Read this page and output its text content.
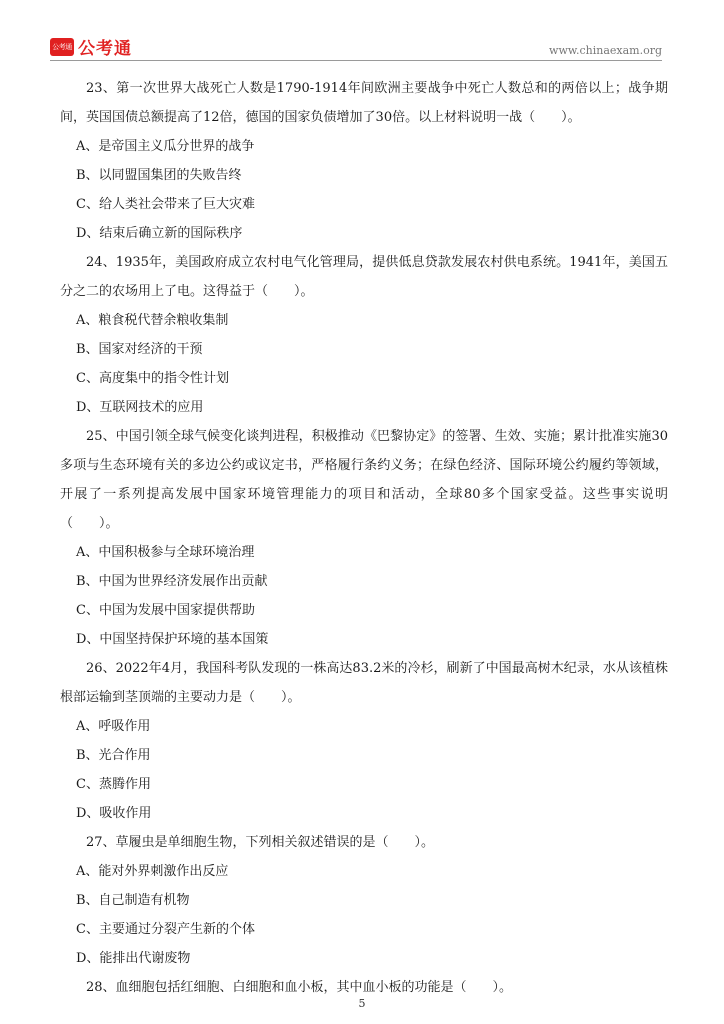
公考通 公考通	www.chinaexam.org

23、第一次世界大战死亡人数是1790-1914年间欧洲主要战争中死亡人数总和的两倍以上；战争期间，英国国债总额提高了12倍，德国的国家负债增加了30倍。以上材料说明一战（　　）。

A、是帝国主义瓜分世界的战争

B、以同盟国集团的失败告终

C、给人类社会带来了巨大灾难

D、结束后确立新的国际秩序

24、1935年，美国政府成立农村电气化管理局，提供低息贷款发展农村供电系统。1941年，美国五分之二的农场用上了电。这得益于（　　）。

A、粮食税代替余粮收集制

B、国家对经济的干预

C、高度集中的指令性计划

D、互联网技术的应用

25、中国引领全球气候变化谈判进程，积极推动《巴黎协定》的签署、生效、实施；累计批准实施30多项与生态环境有关的多边公约或议定书，严格履行条约义务；在绿色经济、国际环境公约履约等领域，开展了一系列提高发展中国家环境管理能力的项目和活动，全球80多个国家受益。这些事实说明（　　）。

A、中国积极参与全球环境治理

B、中国为世界经济发展作出贡献

C、中国为发展中国家提供帮助

D、中国坚持保护环境的基本国策

26、2022年4月，我国科考队发现的一株高达83.2米的冷杉，刷新了中国最高树木纪录，水从该植株根部运输到茎顶端的主要动力是（　　）。

A、呼吸作用

B、光合作用

C、蒸腾作用

D、吸收作用

27、草履虫是单细胞生物，下列相关叙述错误的是（　　）。

A、能对外界刺激作出反应

B、自己制造有机物

C、主要通过分裂产生新的个体

D、能排出代谢废物

28、血细胞包括红细胞、白细胞和血小板，其中血小板的功能是（　　）。

5
